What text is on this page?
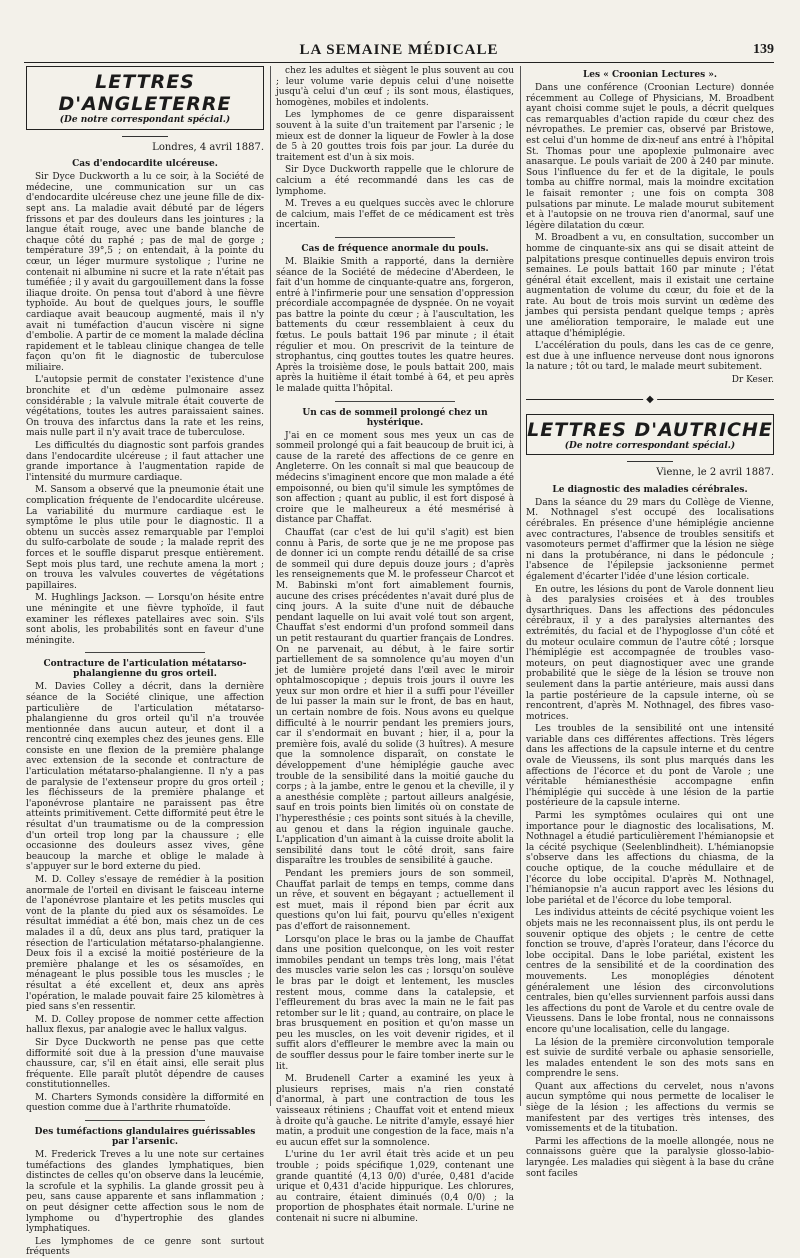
LA SEMAINE MÉDICALE	139
LETTRES D'ANGLETERRE
(De notre correspondant spécial.)
Londres, 4 avril 1887.
Cas d'endocardite ulcéreuse.

Sir Dyce Duckworth a lu ce soir, à la Société de médecine, une communication sur un cas d'endocardite ulcéreuse chez une jeune fille de dix-sept ans. La maladie avait débuté par de légers frissons et par des douleurs dans les jointures ; la langue était rouge, avec une bande blanche de chaque côté du raphé ; pas de mal de gorge ; température 39°,5 ; on entendait, à la pointe du cœur, un léger murmure systolique ; l'urine ne contenait ni albumine ni sucre et la rate n'était pas tuméfiée ; il y avait du gargouillement dans la fosse iliaque droite. On pensa tout d'abord à une fièvre typhoïde. Au bout de quelques jours, le souffle cardiaque avait beaucoup augmenté, mais il n'y avait ni tuméfaction d'aucun viscère ni signe d'embolie. A partir de ce moment la malade déclina rapidement et le tableau clinique changea de telle façon qu'on fit le diagnostic de tuberculose miliaire.

L'autopsie permit de constater l'existence d'une bronchite et d'un œdème pulmonaire assez considérable ; la valvule mitrale était couverte de végétations, toutes les autres paraissaient saines. On trouva des infarctus dans la rate et les reins, mais nulle part il n'y avait trace de tuberculose.

Les difficultés du diagnostic sont parfois grandes dans l'endocardite ulcéreuse ; il faut attacher une grande importance à l'augmentation rapide de l'intensité du murmure cardiaque.

M. Sansom a observé que la pneumonie était une complication fréquente de l'endocardite ulcéreuse. La variabilité du murmure cardiaque est le symptôme le plus utile pour le diagnostic. Il a obtenu un succès assez remarquable par l'emploi du sulfo-carbolate de soude ; la malade reprit des forces et le souffle disparut presque entièrement. Sept mois plus tard, une rechute amena la mort ; on trouva les valvules couvertes de végétations papillaires.

M. Hughlings Jackson. — Lorsqu'on hésite entre une méningite et une fièvre typhoïde, il faut examiner les réflexes patellaires avec soin. S'ils sont abolis, les probabilités sont en faveur d'une méningite.

Contracture de l'articulation métatarso-phalangienne du gros orteil.

M. Davies Colley a décrit, dans la dernière séance de la Société clinique, une affection particulière de l'articulation métatarso-phalangienne du gros orteil qu'il n'a trouvée mentionnée dans aucun auteur, et dont il a rencontré cinq exemples chez des jeunes gens. Elle consiste en une flexion de la première phalange avec extension de la seconde et contracture de l'articulation métatarso-phalangienne. Il n'y a pas de paralysie de l'extenseur propre du gros orteil ; les fléchisseurs de la première phalange et l'aponévrose plantaire ne paraissent pas être atteints primitivement. Cette difformité peut être le résultat d'un traumatisme ou de la compression d'un orteil trop long par la chaussure ; elle occasionne des douleurs assez vives, gêne beaucoup la marche et oblige le malade à s'appuyer sur le bord externe du pied.

M. D. Colley s'essaye de remédier à la position anormale de l'orteil en divisant le faisceau interne de l'aponévrose plantaire et les petits muscles qui vont de la plante du pied aux os sésamoïdes. Le résultat immédiat a été bon, mais chez un de ces malades il a dû, deux ans plus tard, pratiquer la résection de l'articulation métatarso-phalangienne. Deux fois il a excisé la moitié postérieure de la première phalange et les os sésamoïdes, en ménageant le plus possible tous les muscles ; le résultat a été excellent et, deux ans après l'opération, le malade pouvait faire 25 kilomètres à pied sans s'en ressentir.

M. D. Colley propose de nommer cette affection hallux flexus, par analogie avec le hallux valgus.

Sir Dyce Duckworth ne pense pas que cette difformité soit due à la pression d'une mauvaise chaussure, car, s'il en était ainsi, elle serait plus fréquente. Elle paraît plutôt dépendre de causes constitutionnelles.

M. Charters Symonds considère la difformité en question comme due à l'arthrite rhumatoïde.

Des tuméfactions glandulaires guérissables par l'arsenic.

M. Frederick Treves a lu une note sur certaines tuméfactions des glandes lymphatiques, bien distinctes de celles qu'on observe dans la leucémie, la scrofule et la syphilis. La glande grossit peu à peu, sans cause apparente et sans inflammation ; on peut désigner cette affection sous le nom de lymphome ou d'hypertrophie des glandes lymphatiques.

Les lymphomes de ce genre sont surtout fréquents

chez les adultes et siègent le plus souvent au cou ; leur volume varie depuis celui d'une noisette jusqu'à celui d'un œuf ; ils sont mous, élastiques, homogènes, mobiles et indolents.

Les lymphomes de ce genre disparaissent souvent à la suite d'un traitement par l'arsenic ; le mieux est de donner la liqueur de Fowler à la dose de 5 à 20 gouttes trois fois par jour. La durée du traitement est d'un à six mois.

Sir Dyce Duckworth rappelle que le chlorure de calcium a été recommandé dans les cas de lymphome.

M. Treves a eu quelques succès avec le chlorure de calcium, mais l'effet de ce médicament est très incertain.

Cas de fréquence anormale du pouls.

M. Blaikie Smith a rapporté, dans la dernière séance de la Société de médecine d'Aberdeen, le fait d'un homme de cinquante-quatre ans, forgeron, entré à l'infirmerie pour une sensation d'oppression précordiale accompagnée de dyspnée. On ne voyait pas battre la pointe du cœur ; à l'auscultation, les battements du cœur ressemblaient à ceux du fœtus. Le pouls battait 196 par minute ; il était régulier et mou. On prescrivit de la teinture de strophantus, cinq gouttes toutes les quatre heures. Après la troisième dose, le pouls battait 200, mais après la huitième il était tombé à 64, et peu après le malade quitta l'hôpital.

Un cas de sommeil prolongé chez un hystérique.

J'ai en ce moment sous mes yeux un cas de sommeil prolongé qui a fait beaucoup de bruit ici, à cause de la rareté des affections de ce genre en Angleterre. On les connaît si mal que beaucoup de médecins s'imaginent encore que mon malade a été empoisonné, ou bien qu'il simule les symptômes de son affection ; quant au public, il est fort disposé à croire que le malheureux a été mesmérisé à distance par Chaffat.

Chauffat (car c'est de lui qu'il s'agit) est bien connu à Paris, de sorte que je ne me propose pas de donner ici un compte rendu détaillé de sa crise de sommeil qui dure depuis douze jours ; d'après les renseignements que M. le professeur Charcot et M. Babinski m'ont fort aimablement fournis, aucune des crises précédentes n'avait duré plus de cinq jours. A la suite d'une nuit de débauche pendant laquelle on lui avait volé tout son argent, Chauffat s'est endormi d'un profond sommeil dans un petit restaurant du quartier français de Londres. On ne parvenait, au début, à le faire sortir partiellement de sa somnolence qu'au moyen d'un jet de lumière projeté dans l'œil avec le miroir ophtalmoscopique ; depuis trois jours il ouvre les yeux sur mon ordre et hier il a suffi pour l'éveiller de lui passer la main sur le front, de bas en haut, un certain nombre de fois. Nous avons eu quelque difficulté à le nourrir pendant les premiers jours, car il s'endormait en buvant ; hier, il a, pour la première fois, avalé du solide (3 huîtres). A mesure que la somnolence disparaît, on constate le développement d'une hémiplégie gauche avec trouble de la sensibilité dans la moitié gauche du corps ; à la jambe, entre le genou et la cheville, il y a anesthésie complète ; partout ailleurs analgésie, sauf en trois points bien limités où on constate de l'hyperesthésie ; ces points sont situés à la cheville, au genou et dans la région inguinale gauche. L'application d'un aimant à la cuisse droite abolit la sensibilité dans tout le côté droit, sans faire disparaître les troubles de sensibilité à gauche.

Pendant les premiers jours de son sommeil, Chauffat parlait de temps en temps, comme dans un rêve, et souvent en bégayant ; actuellement il est muet, mais il répond bien par écrit aux questions qu'on lui fait, pourvu qu'elles n'exigent pas d'effort de raisonnement.

Lorsqu'on place le bras ou la jambe de Chauffat dans une position quelconque, on les voit rester immobiles pendant un temps très long, mais l'état des muscles varie selon les cas ; lorsqu'on soulève le bras par le doigt et lentement, les muscles restent mous, comme dans la catalepsie, et l'effleurement du bras avec la main ne le fait pas retomber sur le lit ; quand, au contraire, on place le bras brusquement en position et qu'on masse un peu les muscles, on les voit devenir rigides, et il suffit alors d'effleurer le membre avec la main ou de souffler dessus pour le faire tomber inerte sur le lit.

M. Brudenell Carter a examiné les yeux à plusieurs reprises, mais n'a rien constaté d'anormal, à part une contraction de tous les vaisseaux rétiniens ; Chauffat voit et entend mieux à droite qu'à gauche. Le nitrite d'amyle, essayé hier matin, a produit une congestion de la face, mais n'a eu aucun effet sur la somnolence.

L'urine du 1er avril était très acide et un peu trouble ; poids spécifique 1,029, contenant une grande quantité (4,13 0/0) d'urée, 0,481 d'acide urique et 0,431 d'acide hippurique. Les chlorures, au contraire, étaient diminués (0,4 0/0) ; la proportion de phosphates était normale. L'urine ne contenait ni sucre ni albumine.

Les « Croonian Lectures ».

Dans une conférence (Croonian Lecture) donnée récemment au College of Physicians, M. Broadbent ayant choisi comme sujet le pouls, a décrit quelques cas remarquables d'action rapide du cœur chez des névropathes. Le premier cas, observé par Bristowe, est celui d'un homme de dix-neuf ans entré à l'hôpital St. Thomas pour une apoplexie pulmonaire avec anasarque. Le pouls variait de 200 à 240 par minute. Sous l'influence du fer et de la digitale, le pouls tomba au chiffre normal, mais la moindre excitation le faisait remonter ; une fois on compta 308 pulsations par minute. Le malade mourut subitement et à l'autopsie on ne trouva rien d'anormal, sauf une légère dilatation du cœur.

M. Broadbent a vu, en consultation, succomber un homme de cinquante-six ans qui se disait atteint de palpitations presque continuelles depuis environ trois semaines. Le pouls battait 160 par minute ; l'état général était excellent, mais il existait une certaine augmentation de volume du cœur, du foie et de la rate. Au bout de trois mois survint un œdème des jambes qui persista pendant quelque temps ; après une amélioration temporaire, le malade eut une attaque d'hémiplégie.

L'accélération du pouls, dans les cas de ce genre, est due à une influence nerveuse dont nous ignorons la nature ; tôt ou tard, le malade meurt subitement.

Dr Keser.
◆
LETTRES D'AUTRICHE
(De notre correspondant spécial.)
Vienne, le 2 avril 1887.
Le diagnostic des maladies cérébrales.

Dans la séance du 29 mars du Collège de Vienne, M. Nothnagel s'est occupé des localisations cérébrales. En présence d'une hémiplégie ancienne avec contractures, l'absence de troubles sensitifs et vasomoteurs permet d'affirmer que la lésion ne siège ni dans la protubérance, ni dans le pédoncule ; l'absence de l'épilepsie jacksonienne permet également d'écarter l'idée d'une lésion corticale.

En outre, les lésions du pont de Varole donnent lieu à des paralysies croisées et à des troubles dysarthriques. Dans les affections des pédoncules cérébraux, il y a des paralysies alternantes des extrémités, du facial et de l'hypoglosse d'un côté et du moteur oculaire commun de l'autre côté ; lorsque l'hémiplégie est accompagnée de troubles vaso-moteurs, on peut diagnostiquer avec une grande probabilité que le siège de la lésion se trouve non seulement dans la partie antérieure, mais aussi dans la partie postérieure de la capsule interne, où se rencontrent, d'après M. Nothnagel, des fibres vaso-motrices.

Les troubles de la sensibilité ont une intensité variable dans ces différentes affections. Très légers dans les affections de la capsule interne et du centre ovale de Vieussens, ils sont plus marqués dans les affections de l'écorce et du pont de Varole ; une véritable hémianesthésie accompagne enfin l'hémiplégie qui succède à une lésion de la partie postérieure de la capsule interne.

Parmi les symptômes oculaires qui ont une importance pour le diagnostic des localisations, M. Nothnagel a étudié particulièrement l'hémianopsie et la cécité psychique (Seelenblindheit). L'hémianopsie s'observe dans les affections du chiasma, de la couche optique, de la couche médullaire et de l'écorce du lobe occipital. D'après M. Nothnagel, l'hémianopsie n'a aucun rapport avec les lésions du lobe pariétal et de l'écorce du lobe temporal.

Les individus atteints de cécité psychique voient les objets mais ne les reconnaissent plus, ils ont perdu le souvenir optique des objets ; le centre de cette fonction se trouve, d'après l'orateur, dans l'écorce du lobe occipital. Dans le lobe pariétal, existent les centres de la sensibilité et de la coordination des mouvements. Les monoplégies dénotent généralement une lésion des circonvolutions centrales, bien qu'elles surviennent parfois aussi dans les affections du pont de Varole et du centre ovale de Vieussens. Dans le lobe frontal, nous ne connaissons encore qu'une localisation, celle du langage.

La lésion de la première circonvolution temporale est suivie de surdité verbale ou aphasie sensorielle, les malades entendent le son des mots sans en comprendre le sens.

Quant aux affections du cervelet, nous n'avons aucun symptôme qui nous permette de localiser le siège de la lésion ; les affections du vermis se manifestent par des vertiges très intenses, des vomissements et de la titubation.

Parmi les affections de la moelle allongée, nous ne connaissons guère que la paralysie glosso-labio-laryngée. Les maladies qui siègent à la base du crâne sont faciles
